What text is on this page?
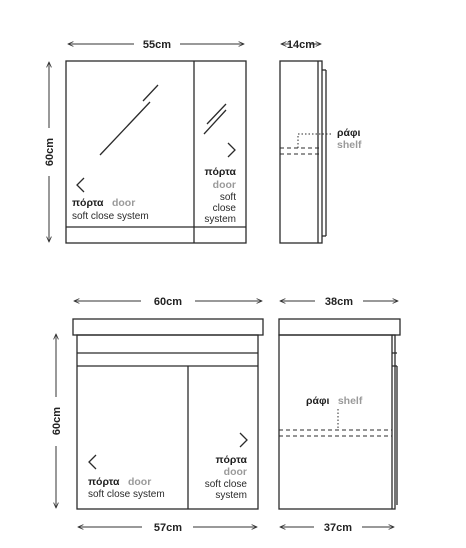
55cm
60cm
πόρτα door
soft close system
πόρτα
door
soft
close
system
14cm
ράφι
shelf
60cm
60cm
57cm
πόρτα door
soft close system
πόρτα
door
soft close
system
38cm
37cm
ράφι shelf
